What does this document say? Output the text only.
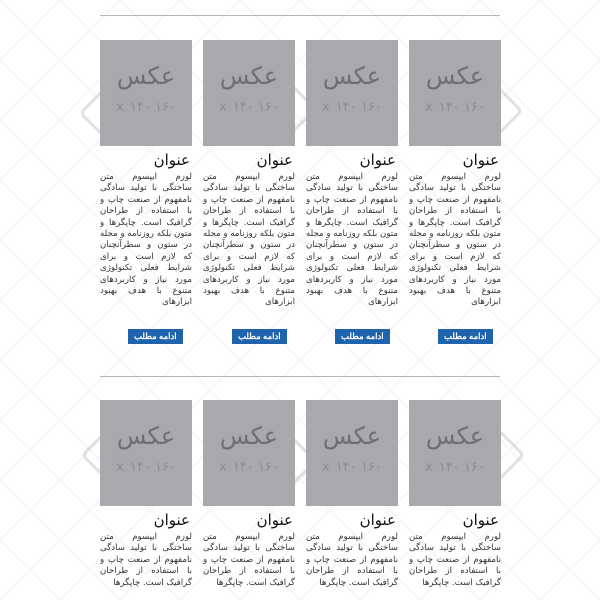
عکس
۱۶۰ x ۱۴۰
عنوان
لورم ایپسوم متن ساختگی با تولید سادگی نامفهوم از صنعت چاپ و با استفاده از طراحان گرافیک است. چاپگرها و متون بلکه روزنامه و مجله در ستون و سطرآنچنان که لازم است و برای شرایط فعلی تکنولوژی مورد نیاز و کاربردهای متنوع با هدف بهبود ابزارهای
ادامه مطلب
عکس
۱۶۰ x ۱۴۰
عنوان
لورم ایپسوم متن ساختگی با تولید سادگی نامفهوم از صنعت چاپ و با استفاده از طراحان گرافیک است. چاپگرها و متون بلکه روزنامه و مجله در ستون و سطرآنچنان که لازم است و برای شرایط فعلی تکنولوژی مورد نیاز و کاربردهای متنوع با هدف بهبود ابزارهای
ادامه مطلب
عکس
۱۶۰ x ۱۴۰
عنوان
لورم ایپسوم متن ساختگی با تولید سادگی نامفهوم از صنعت چاپ و با استفاده از طراحان گرافیک است. چاپگرها و متون بلکه روزنامه و مجله در ستون و سطرآنچنان که لازم است و برای شرایط فعلی تکنولوژی مورد نیاز و کاربردهای متنوع با هدف بهبود ابزارهای
ادامه مطلب
عکس
۱۶۰ x ۱۴۰
عنوان
لورم ایپسوم متن ساختگی با تولید سادگی نامفهوم از صنعت چاپ و با استفاده از طراحان گرافیک است. چاپگرها و متون بلکه روزنامه و مجله در ستون و سطرآنچنان که لازم است و برای شرایط فعلی تکنولوژی مورد نیاز و کاربردهای متنوع با هدف بهبود ابزارهای
ادامه مطلب
عکس
۱۶۰ x ۱۴۰
عنوان
لورم ایپسوم متن ساختگی با تولید سادگی نامفهوم از صنعت چاپ و با استفاده از طراحان گرافیک است. چاپگرها
عکس
۱۶۰ x ۱۴۰
عنوان
لورم ایپسوم متن ساختگی با تولید سادگی نامفهوم از صنعت چاپ و با استفاده از طراحان گرافیک است. چاپگرها
عکس
۱۶۰ x ۱۴۰
عنوان
لورم ایپسوم متن ساختگی با تولید سادگی نامفهوم از صنعت چاپ و با استفاده از طراحان گرافیک است. چاپگرها
عکس
۱۶۰ x ۱۴۰
عنوان
لورم ایپسوم متن ساختگی با تولید سادگی نامفهوم از صنعت چاپ و با استفاده از طراحان گرافیک است. چاپگرها
